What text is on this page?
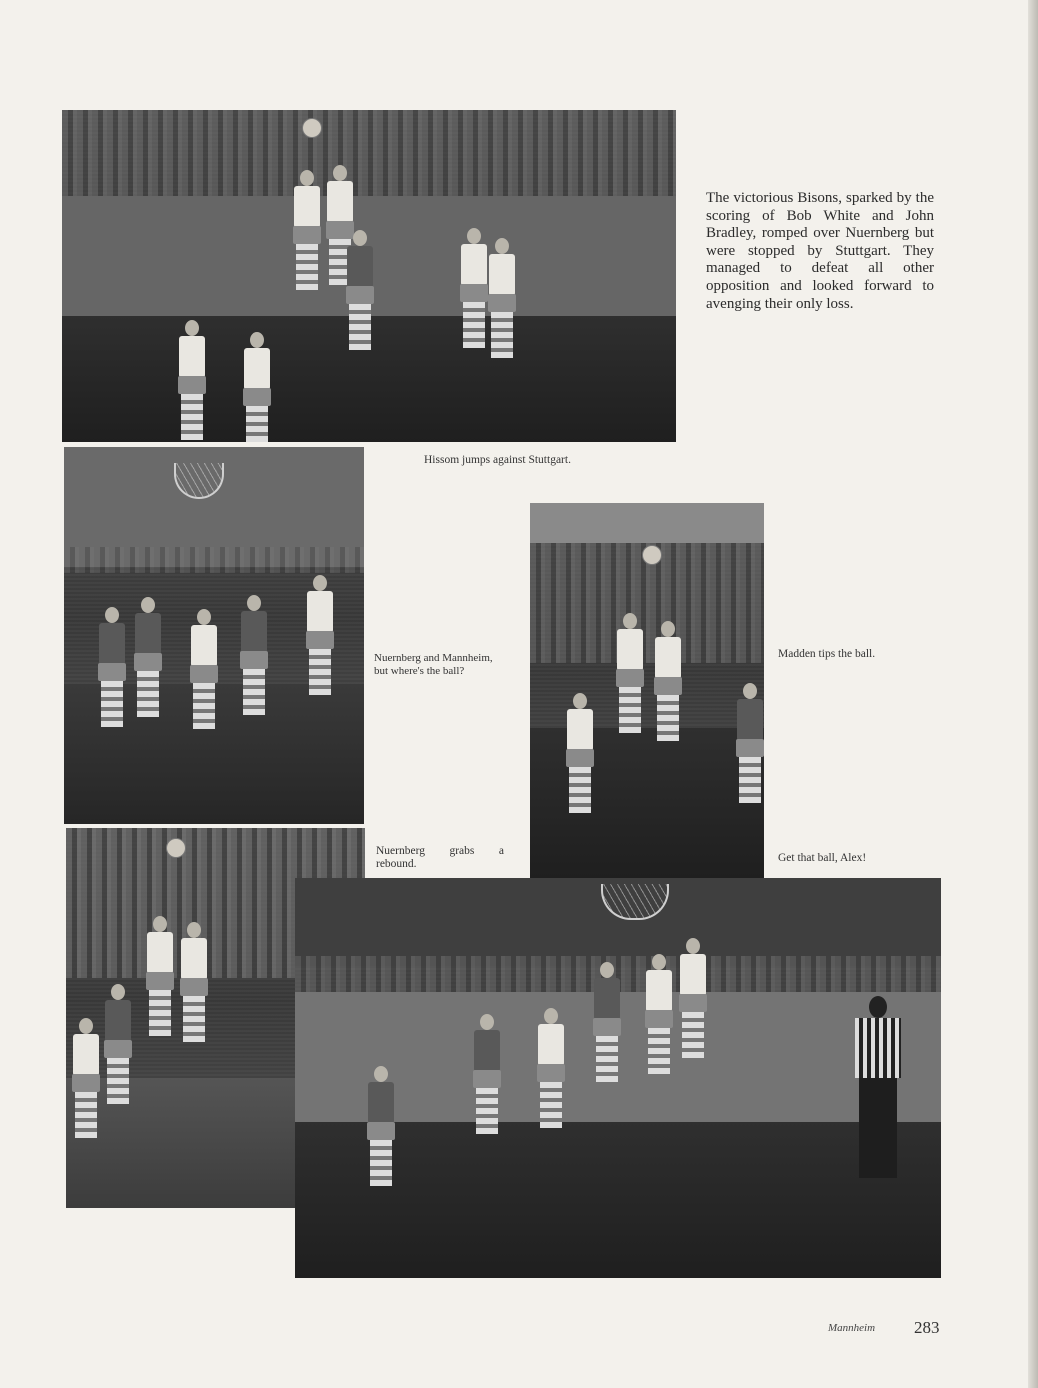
The victorious Bisons, sparked by the scoring of Bob White and John Bradley, romped over Nuernberg but were stopped by Stuttgart. They managed to defeat all other opposition and looked forward to avenging their only loss.
Hissom jumps against Stuttgart.
Nuernberg and Mannheim, but where's the ball?
Madden tips the ball.
Nuernberg grabs a rebound.	Get that ball, Alex!
Mannheim 283
